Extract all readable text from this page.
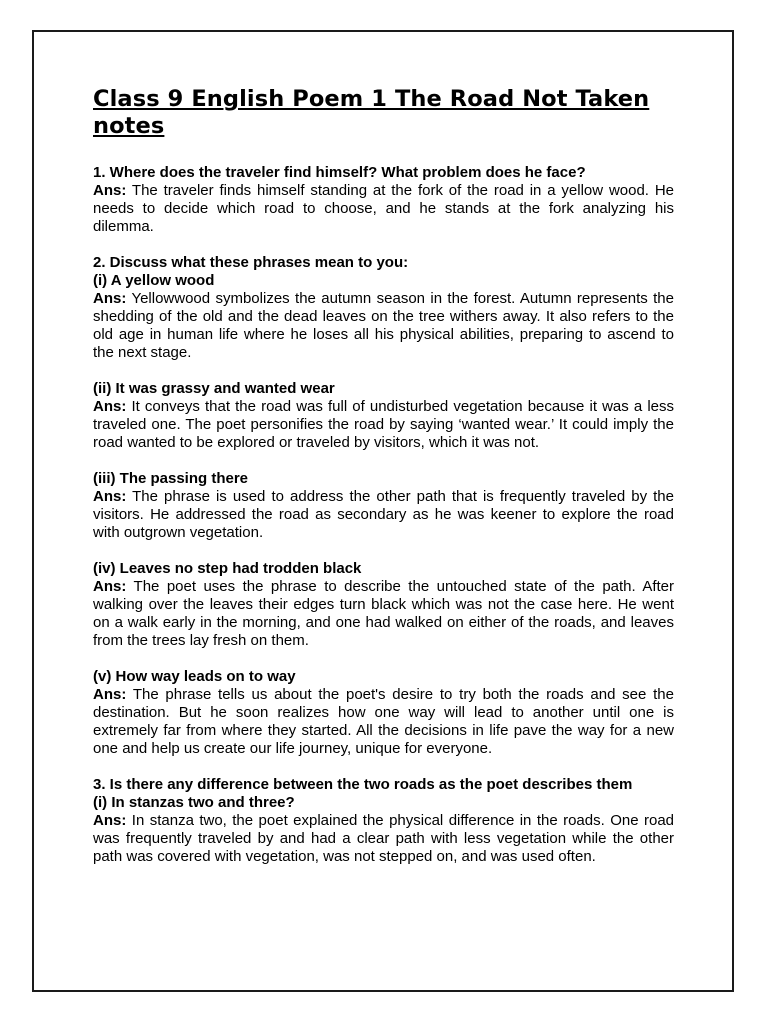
Class 9 English Poem 1 The Road Not Taken notes

1. Where does the traveler find himself? What problem does he face?

Ans: The traveler finds himself standing at the fork of the road in a yellow wood. He needs to decide which road to choose, and he stands at the fork analyzing his dilemma.

2. Discuss what these phrases mean to you:

(i) A yellow wood

Ans: Yellowwood symbolizes the autumn season in the forest. Autumn represents the shedding of the old and the dead leaves on the tree withers away. It also refers to the old age in human life where he loses all his physical abilities, preparing to ascend to the next stage.

(ii) It was grassy and wanted wear

Ans: It conveys that the road was full of undisturbed vegetation because it was a less traveled one. The poet personifies the road by saying ‘wanted wear.’ It could imply the road wanted to be explored or traveled by visitors, which it was not.

(iii) The passing there

Ans: The phrase is used to address the other path that is frequently traveled by the visitors. He addressed the road as secondary as he was keener to explore the road with outgrown vegetation.

(iv) Leaves no step had trodden black

Ans: The poet uses the phrase to describe the untouched state of the path. After walking over the leaves their edges turn black which was not the case here. He went on a walk early in the morning, and one had walked on either of the roads, and leaves from the trees lay fresh on them.

(v) How way leads on to way

Ans: The phrase tells us about the poet's desire to try both the roads and see the destination. But he soon realizes how one way will lead to another until one is extremely far from where they started. All the decisions in life pave the way for a new one and help us create our life journey, unique for everyone.

3. Is there any difference between the two roads as the poet describes them

(i) In stanzas two and three?

Ans: In stanza two, the poet explained the physical difference in the roads. One road was frequently traveled by and had a clear path with less vegetation while the other path was covered with vegetation, was not stepped on, and was used often.
